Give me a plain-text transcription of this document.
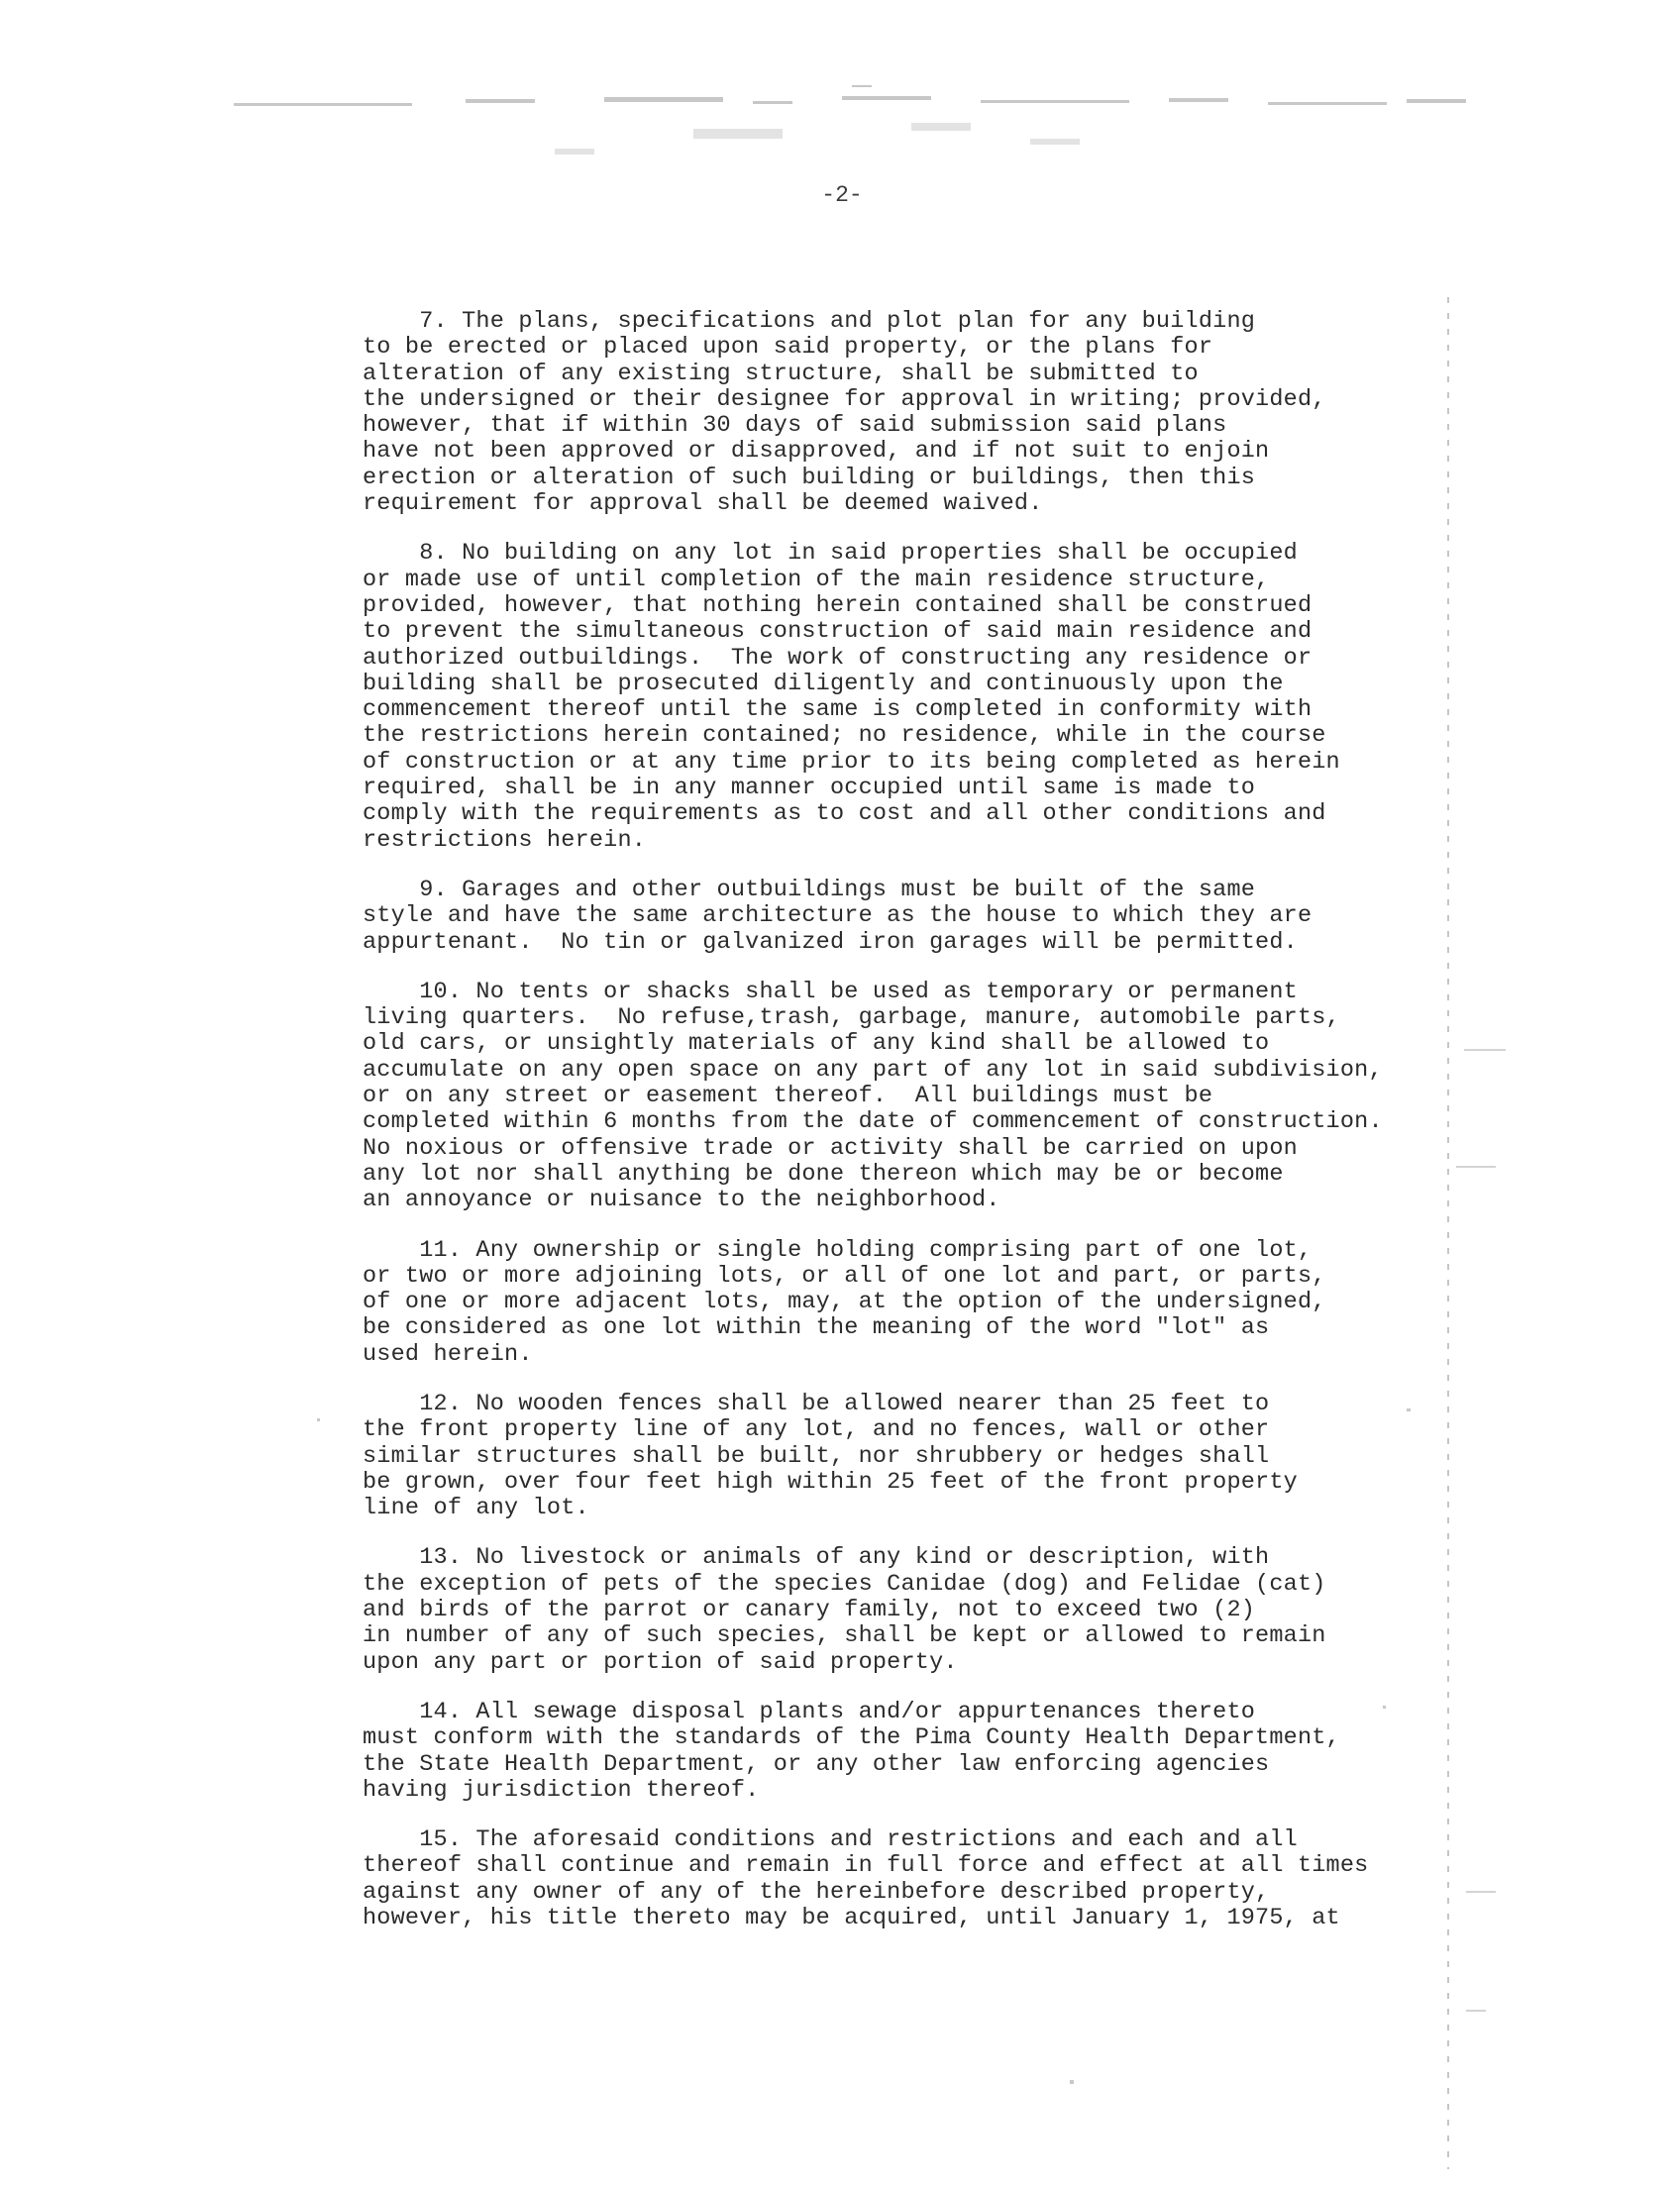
-2-
7. The plans, specifications and plot plan for any building
to be erected or placed upon said property, or the plans for
alteration of any existing structure, shall be submitted to
the undersigned or their designee for approval in writing; provided,
however, that if within 30 days of said submission said plans
have not been approved or disapproved, and if not suit to enjoin
erection or alteration of such building or buildings, then this
requirement for approval shall be deemed waived.
8. No building on any lot in said properties shall be occupied
or made use of until completion of the main residence structure,
provided, however, that nothing herein contained shall be construed
to prevent the simultaneous construction of said main residence and
authorized outbuildings.  The work of constructing any residence or
building shall be prosecuted diligently and continuously upon the
commencement thereof until the same is completed in conformity with
the restrictions herein contained; no residence, while in the course
of construction or at any time prior to its being completed as herein
required, shall be in any manner occupied until same is made to
comply with the requirements as to cost and all other conditions and
restrictions herein.
9. Garages and other outbuildings must be built of the same
style and have the same architecture as the house to which they are
appurtenant.  No tin or galvanized iron garages will be permitted.
10. No tents or shacks shall be used as temporary or permanent
living quarters.  No refuse,trash, garbage, manure, automobile parts,
old cars, or unsightly materials of any kind shall be allowed to
accumulate on any open space on any part of any lot in said subdivision,
or on any street or easement thereof.  All buildings must be
completed within 6 months from the date of commencement of construction.
No noxious or offensive trade or activity shall be carried on upon
any lot nor shall anything be done thereon which may be or become
an annoyance or nuisance to the neighborhood.
11. Any ownership or single holding comprising part of one lot,
or two or more adjoining lots, or all of one lot and part, or parts,
of one or more adjacent lots, may, at the option of the undersigned,
be considered as one lot within the meaning of the word "lot" as
used herein.
12. No wooden fences shall be allowed nearer than 25 feet to
the front property line of any lot, and no fences, wall or other
similar structures shall be built, nor shrubbery or hedges shall
be grown, over four feet high within 25 feet of the front property
line of any lot.
13. No livestock or animals of any kind or description, with
the exception of pets of the species Canidae (dog) and Felidae (cat)
and birds of the parrot or canary family, not to exceed two (2)
in number of any of such species, shall be kept or allowed to remain
upon any part or portion of said property.
14. All sewage disposal plants and/or appurtenances thereto
must conform with the standards of the Pima County Health Department,
the State Health Department, or any other law enforcing agencies
having jurisdiction thereof.
15. The aforesaid conditions and restrictions and each and all
thereof shall continue and remain in full force and effect at all times
against any owner of any of the hereinbefore described property,
however, his title thereto may be acquired, until January 1, 1975, at
